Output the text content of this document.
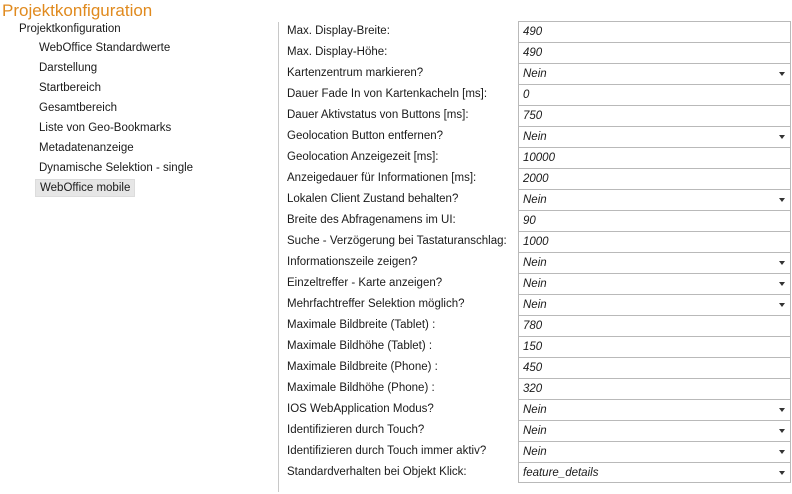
Projektkonfiguration
Projektkonfiguration
WebOffice Standardwerte
Darstellung
Startbereich
Gesamtbereich
Liste von Geo-Bookmarks
Metadatenanzeige
Dynamische Selektion - single
WebOffice mobile
Max. Display-Breite:	490
Max. Display-Höhe:	490
Kartenzentrum markieren?	Nein
Dauer Fade In von Kartenkacheln [ms]:	0
Dauer Aktivstatus von Buttons [ms]:	750
Geolocation Button entfernen?	Nein
Geolocation Anzeigezeit [ms]:	10000
Anzeigedauer für Informationen [ms]:	2000
Lokalen Client Zustand behalten?	Nein
Breite des Abfragenamens im UI:	90
Suche - Verzögerung bei Tastaturanschlag:	1000
Informationszeile zeigen?	Nein
Einzeltreffer - Karte anzeigen?	Nein
Mehrfachtreffer Selektion möglich?	Nein
Maximale Bildbreite (Tablet) :	780
Maximale Bildhöhe (Tablet) :	150
Maximale Bildbreite (Phone) :	450
Maximale Bildhöhe (Phone) :	320
IOS WebApplication Modus?	Nein
Identifizieren durch Touch?	Nein
Identifizieren durch Touch immer aktiv?	Nein
Standardverhalten bei Objekt Klick:	feature_details
